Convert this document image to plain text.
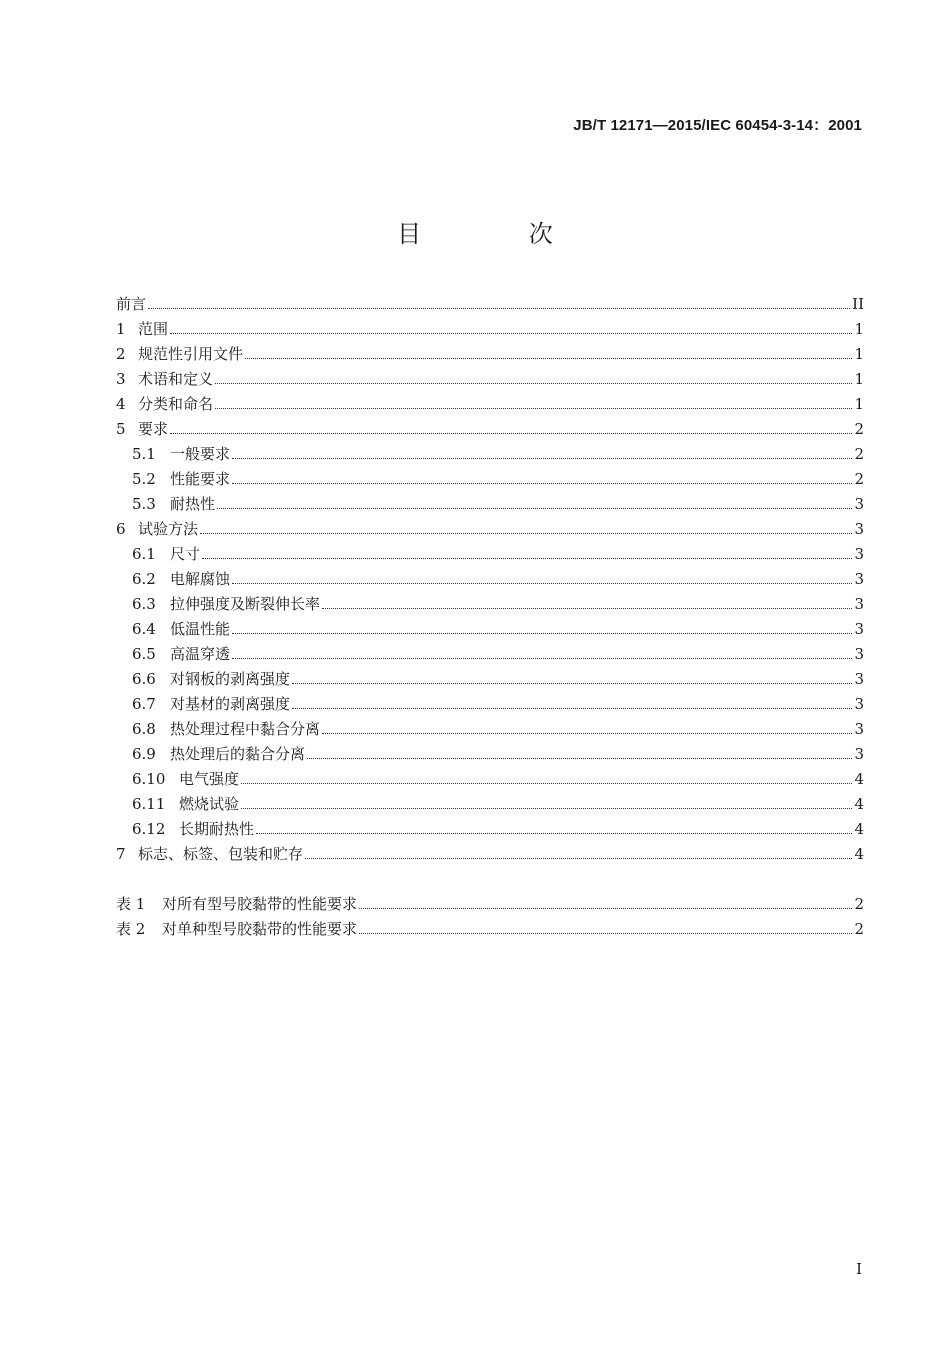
JB/T 12171—2015/IEC 60454-3-14：2001
目 次
前言	II
1 范围	1
2 规范性引用文件	1
3 术语和定义	1
4 分类和命名	1
5 要求	2
5.1 一般要求	2
5.2 性能要求	2
5.3 耐热性	3
6 试验方法	3
6.1 尺寸	3
6.2 电解腐蚀	3
6.3 拉伸强度及断裂伸长率	3
6.4 低温性能	3
6.5 高温穿透	3
6.6 对钢板的剥离强度	3
6.7 对基材的剥离强度	3
6.8 热处理过程中黏合分离	3
6.9 热处理后的黏合分离	3
6.10 电气强度	4
6.11 燃烧试验	4
6.12 长期耐热性	4
7 标志、标签、包装和贮存	4
表 1	对所有型号胶黏带的性能要求	2
表 2	对单种型号胶黏带的性能要求	2
I
